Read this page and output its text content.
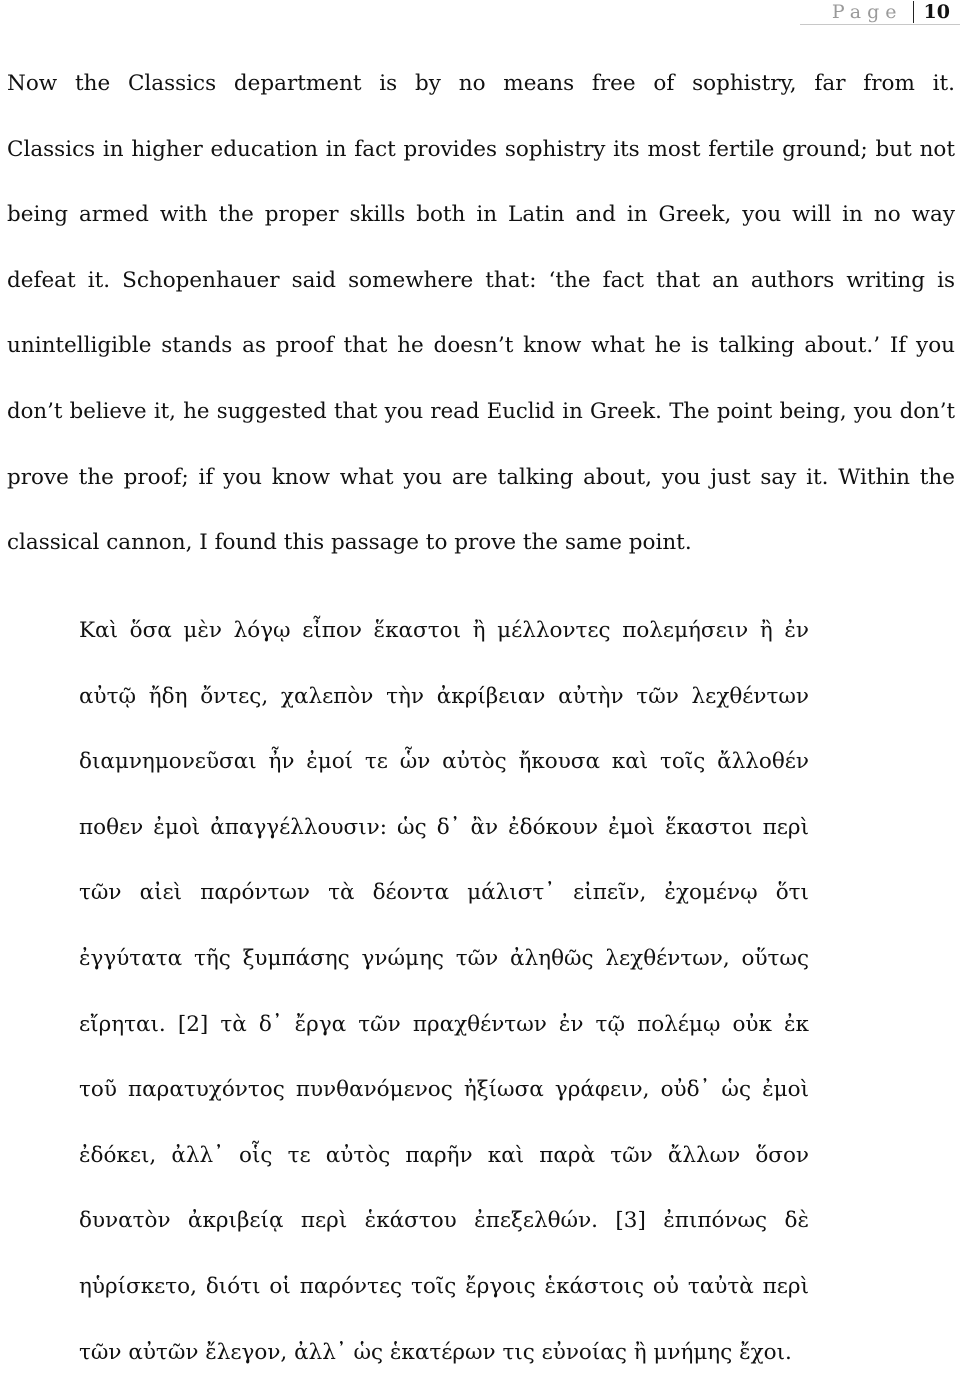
Page	10
Now the Classics department is by no means free of sophistry, far from it.
Classics in higher education in fact provides sophistry its most fertile ground; but not
being armed with the proper skills both in Latin and in Greek, you will in no way
defeat it. Schopenhauer said somewhere that: ‘the fact that an authors writing is
unintelligible stands as proof that he doesn’t know what he is talking about.’ If you
don’t believe it, he suggested that you read Euclid in Greek. The point being, you don’t
prove the proof; if you know what you are talking about, you just say it. Within the
classical cannon, I found this passage to prove the same point.
Καὶ ὅσα μὲν λόγῳ εἶπον ἕκαστοι ἢ μέλλοντες πολεμήσειν ἢ ἐν
αὐτῷ ἤδη ὄντες, χαλεπὸν τὴν ἀκρίβειαν αὐτὴν τῶν λεχθέντων
διαμνημονεῦσαι ἦν ἐμοί τε ὧν αὐτὸς ἤκουσα καὶ τοῖς ἄλλοθέν
ποθεν ἐμοὶ ἀπαγγέλλουσιν: ὡς δ᾽ ἂν ἐδόκουν ἐμοὶ ἕκαστοι περὶ
τῶν αἰεὶ παρόντων τὰ δέοντα μάλιστ᾽ εἰπεῖν, ἐχομένῳ ὅτι
ἐγγύτατα τῆς ξυμπάσης γνώμης τῶν ἀληθῶς λεχθέντων, οὕτως
εἴρηται. [2] τὰ δ᾽ ἔργα τῶν πραχθέντων ἐν τῷ πολέμῳ οὐκ ἐκ
τοῦ παρατυχόντος πυνθανόμενος ἠξίωσα γράφειν, οὐδ᾽ ὡς ἐμοὶ
ἐδόκει, ἀλλ᾽ οἷς τε αὐτὸς παρῆν καὶ παρὰ τῶν ἄλλων ὅσον
δυνατὸν ἀκριβείᾳ περὶ ἑκάστου ἐπεξελθών. [3] ἐπιπόνως δὲ
ηὑρίσκετο, διότι οἱ παρόντες τοῖς ἔργοις ἑκάστοις οὐ ταὐτὰ περὶ
τῶν αὐτῶν ἔλεγον, ἀλλ᾽ ὡς ἑκατέρων τις εὐνοίας ἢ μνήμης ἔχοι.
